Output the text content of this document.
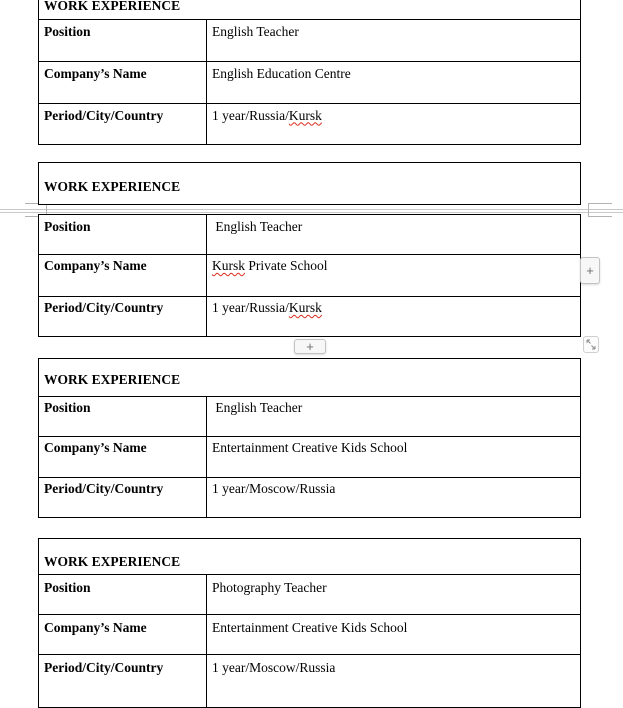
WORK EXPERIENCE
Position	English Teacher
Company’s Name	English Education Centre
Period/City/Country	1 year/Russia/Kursk
WORK EXPERIENCE
Position	English Teacher
Company’s Name	Kursk Private School
Period/City/Country	1 year/Russia/Kursk
WORK EXPERIENCE
Position	English Teacher
Company’s Name	Entertainment Creative Kids School
Period/City/Country	1 year/Moscow/Russia
WORK EXPERIENCE
Position	Photography Teacher
Company’s Name	Entertainment Creative Kids School
Period/City/Country	1 year/Moscow/Russia
+
+
